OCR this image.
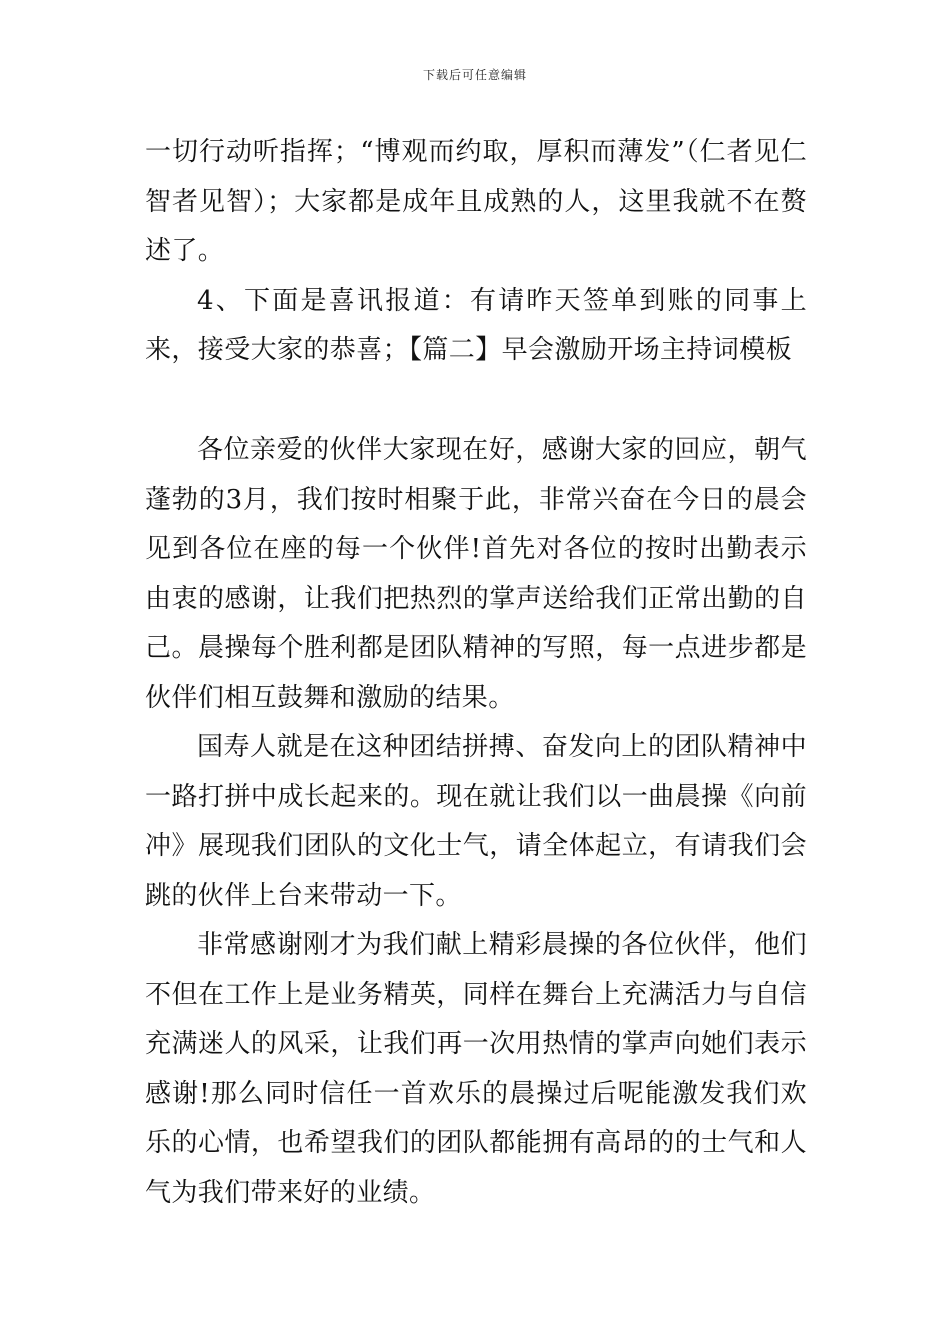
下载后可任意编辑

一切行动听指挥；“博观而约取，厚积而薄发”（仁者见仁智者见智）；大家都是成年且成熟的人，这里我就不在赘述了。

4、下面是喜讯报道：有请昨天签单到账的同事上来，接受大家的恭喜；【篇二】早会激励开场主持词模板

各位亲爱的伙伴大家现在好，感谢大家的回应，朝气蓬勃的3月，我们按时相聚于此，非常兴奋在今日的晨会见到各位在座的每一个伙伴!首先对各位的按时出勤表示由衷的感谢，让我们把热烈的掌声送给我们正常出勤的自己。晨操每个胜利都是团队精神的写照，每一点进步都是伙伴们相互鼓舞和激励的结果。

国寿人就是在这种团结拼搏、奋发向上的团队精神中一路打拼中成长起来的。现在就让我们以一曲晨操《向前冲》展现我们团队的文化士气，请全体起立，有请我们会跳的伙伴上台来带动一下。

非常感谢刚才为我们献上精彩晨操的各位伙伴，他们不但在工作上是业务精英，同样在舞台上充满活力与自信充满迷人的风采，让我们再一次用热情的掌声向她们表示感谢!那么同时信任一首欢乐的晨操过后呢能激发我们欢乐的心情，也希望我们的团队都能拥有高昂的的士气和人气为我们带来好的业绩。
